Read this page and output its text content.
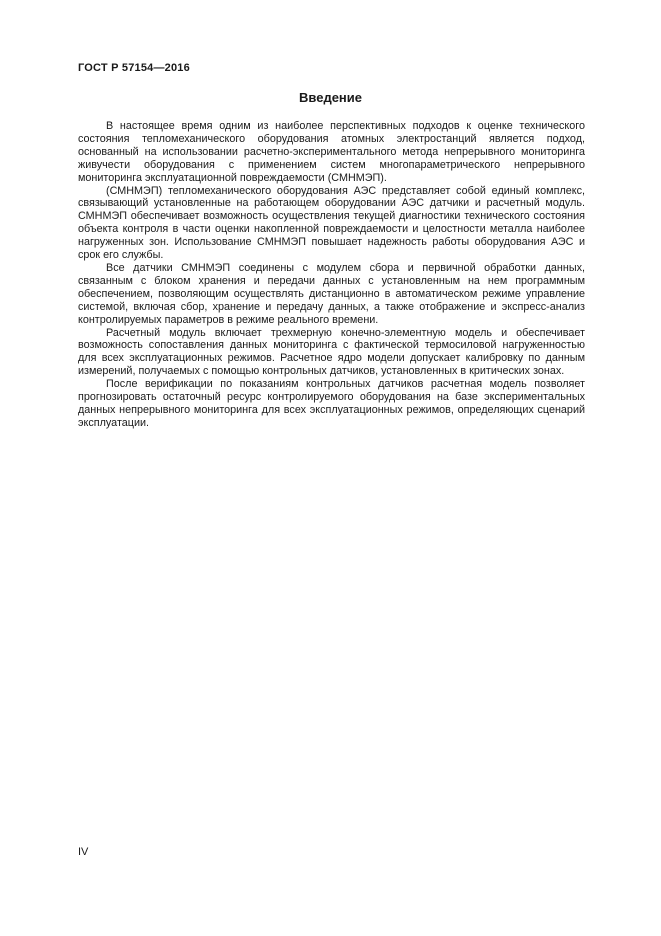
ГОСТ Р 57154—2016
Введение

В настоящее время одним из наиболее перспективных подходов к оценке технического состояния тепломеханического оборудования атомных электростанций является подход, основанный на использовании расчетно-экспериментального метода непрерывного мониторинга живучести оборудования с применением систем многопараметрического непрерывного мониторинга эксплуатационной повреждаемости (СМНМЭП).

(СМНМЭП) тепломеханического оборудования АЭС представляет собой единый комплекс, связывающий установленные на работающем оборудовании АЭС датчики и расчетный модуль. СМНМЭП обеспечивает возможность осуществления текущей диагностики технического состояния объекта контроля в части оценки накопленной повреждаемости и целостности металла наиболее нагруженных зон. Использование СМНМЭП повышает надежность работы оборудования АЭС и срок его службы.

Все датчики СМНМЭП соединены с модулем сбора и первичной обработки данных, связанным с блоком хранения и передачи данных с установленным на нем программным обеспечением, позволяющим осуществлять дистанционно в автоматическом режиме управление системой, включая сбор, хранение и передачу данных, а также отображение и экспресс-анализ контролируемых параметров в режиме реального времени.

Расчетный модуль включает трехмерную конечно-элементную модель и обеспечивает возможность сопоставления данных мониторинга с фактической термосиловой нагруженностью для всех эксплуатационных режимов. Расчетное ядро модели допускает калибровку по данным измерений, получаемых с помощью контрольных датчиков, установленных в критических зонах.

После верификации по показаниям контрольных датчиков расчетная модель позволяет прогнозировать остаточный ресурс контролируемого оборудования на базе экспериментальных данных непрерывного мониторинга для всех эксплуатационных режимов, определяющих сценарий эксплуатации.

IV
